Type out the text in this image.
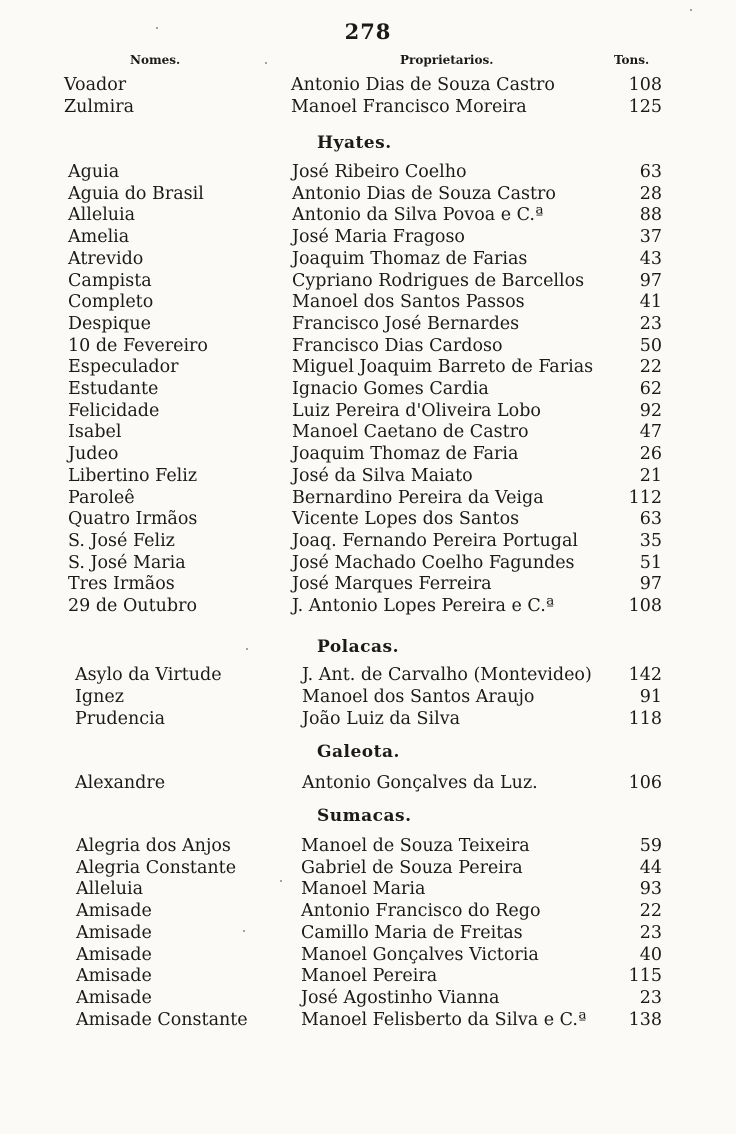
278
Nomes.	Proprietarios.	Tons.
Voador	Antonio Dias de Souza Castro	108
Zulmira	Manoel Francisco Moreira	125
Hyates.
Aguia	José Ribeiro Coelho	63
Aguia do Brasil	Antonio Dias de Souza Castro	28
Alleluia	Antonio da Silva Povoa e C.ª	88
Amelia	José Maria Fragoso	37
Atrevido	Joaquim Thomaz de Farias	43
Campista	Cypriano Rodrigues de Barcellos	97
Completo	Manoel dos Santos Passos	41
Despique	Francisco José Bernardes	23
10 de Fevereiro	Francisco Dias Cardoso	50
Especulador	Miguel Joaquim Barreto de Farias	22
Estudante	Ignacio Gomes Cardia	62
Felicidade	Luiz Pereira d'Oliveira Lobo	92
Isabel	Manoel Caetano de Castro	47
Judeo	Joaquim Thomaz de Faria	26
Libertino Feliz	José da Silva Maiato	21
Paroleê	Bernardino Pereira da Veiga	112
Quatro Irmãos	Vicente Lopes dos Santos	63
S. José Feliz	Joaq. Fernando Pereira Portugal	35
S. José Maria	José Machado Coelho Fagundes	51
Tres Irmãos	José Marques Ferreira	97
29 de Outubro	J. Antonio Lopes Pereira e C.ª	108
Polacas.
Asylo da Virtude	J. Ant. de Carvalho (Montevideo) 142
Ignez	Manoel dos Santos Araujo	91
Prudencia	João Luiz da Silva	118
Galeota.
Alexandre	Antonio Gonçalves da Luz.	106
Sumacas.
Alegria dos Anjos	Manoel de Souza Teixeira	59
Alegria Constante	Gabriel de Souza Pereira	44
Alleluia	Manoel Maria	93
Amisade	Antonio Francisco do Rego	22
Amisade	Camillo Maria de Freitas	23
Amisade	Manoel Gonçalves Victoria	40
Amisade	Manoel Pereira	115
Amisade	José Agostinho Vianna	23
Amisade Constante	Manoel Felisberto da Silva e C.ª 138
